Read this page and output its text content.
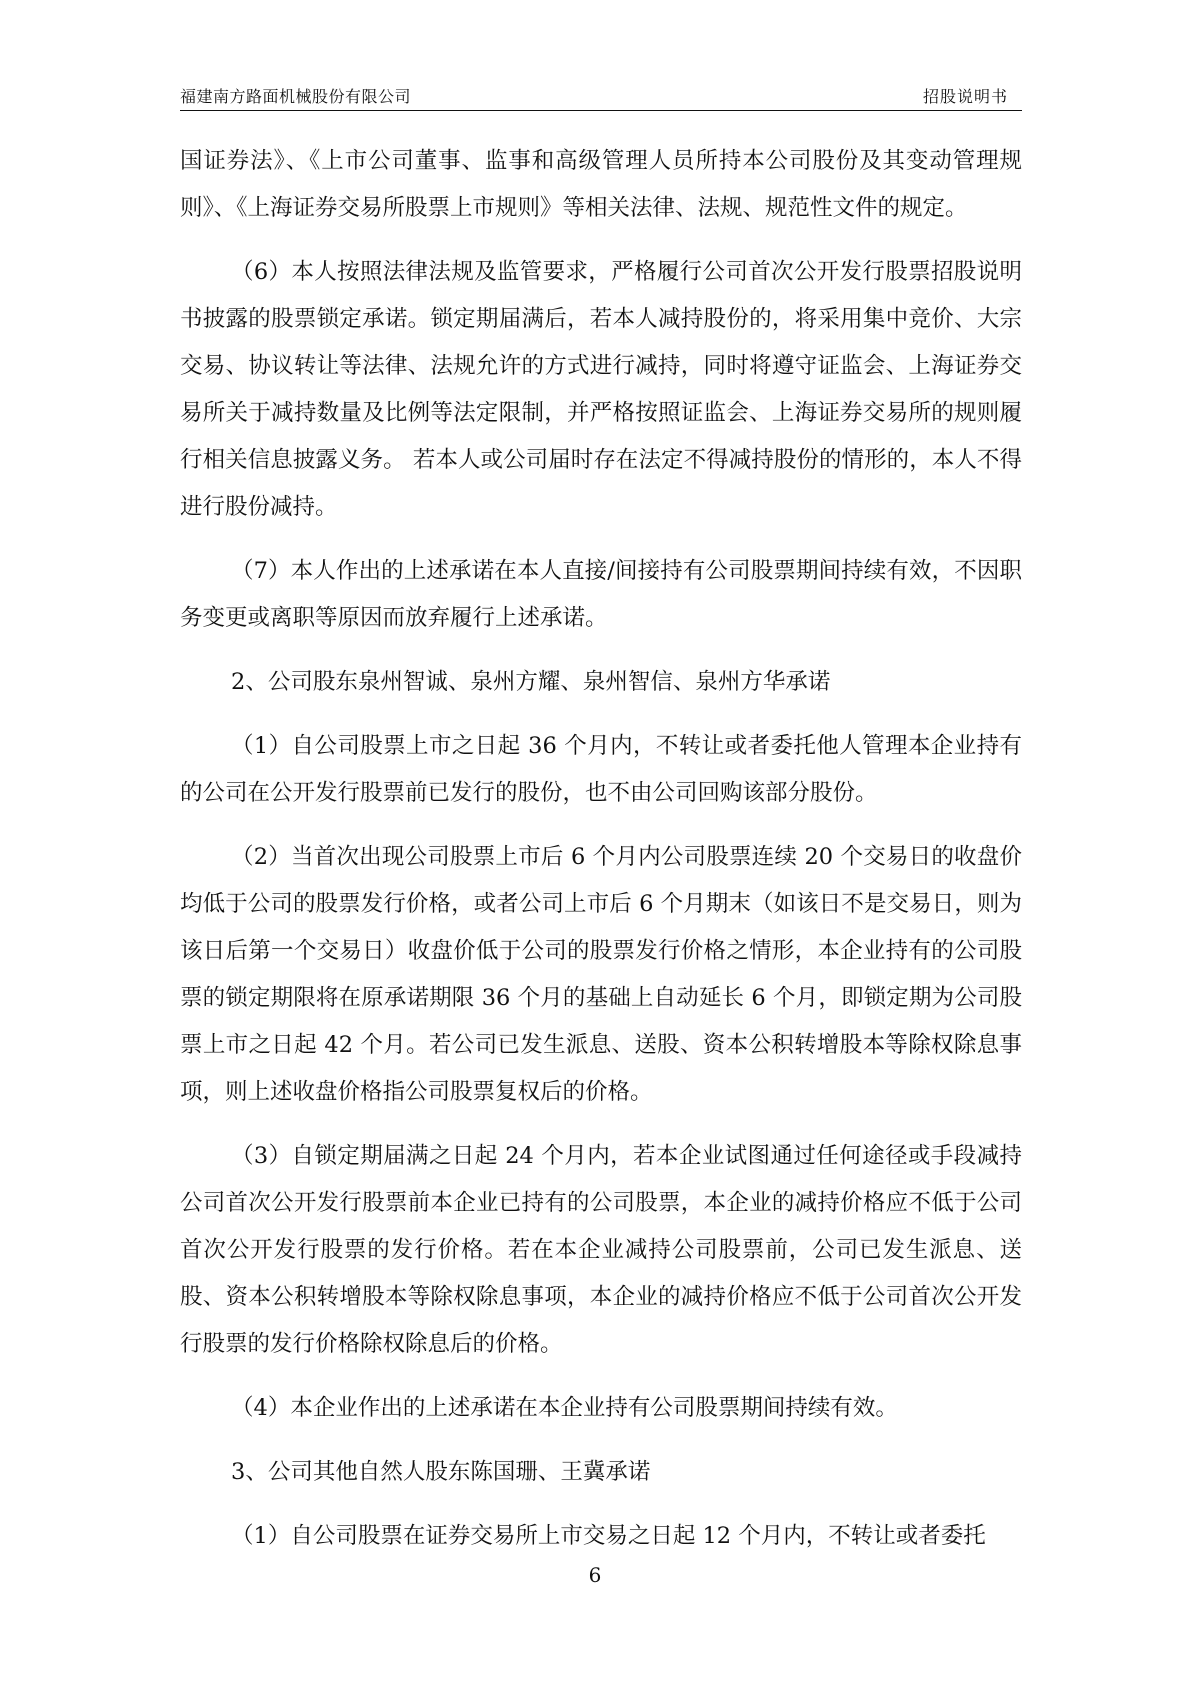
福建南方路面机械股份有限公司	招股说明书

国证券法》、《上市公司董事、监事和高级管理人员所持本公司股份及其变动管理规则》、《上海证券交易所股票上市规则》等相关法律、法规、规范性文件的规定。

（6）本人按照法律法规及监管要求，严格履行公司首次公开发行股票招股说明书披露的股票锁定承诺。锁定期届满后，若本人减持股份的，将采用集中竞价、大宗交易、协议转让等法律、法规允许的方式进行减持，同时将遵守证监会、上海证券交易所关于减持数量及比例等法定限制，并严格按照证监会、上海证券交易所的规则履行相关信息披露义务。 若本人或公司届时存在法定不得减持股份的情形的，本人不得进行股份减持。

（7）本人作出的上述承诺在本人直接/间接持有公司股票期间持续有效，不因职务变更或离职等原因而放弃履行上述承诺。

2、公司股东泉州智诚、泉州方耀、泉州智信、泉州方华承诺

（1）自公司股票上市之日起 36 个月内，不转让或者委托他人管理本企业持有的公司在公开发行股票前已发行的股份，也不由公司回购该部分股份。

（2）当首次出现公司股票上市后 6 个月内公司股票连续 20 个交易日的收盘价均低于公司的股票发行价格，或者公司上市后 6 个月期末（如该日不是交易日，则为该日后第一个交易日）收盘价低于公司的股票发行价格之情形，本企业持有的公司股票的锁定期限将在原承诺期限 36 个月的基础上自动延长 6 个月，即锁定期为公司股票上市之日起 42 个月。若公司已发生派息、送股、资本公积转增股本等除权除息事项，则上述收盘价格指公司股票复权后的价格。

（3）自锁定期届满之日起 24 个月内，若本企业试图通过任何途径或手段减持公司首次公开发行股票前本企业已持有的公司股票，本企业的减持价格应不低于公司首次公开发行股票的发行价格。若在本企业减持公司股票前，公司已发生派息、送股、资本公积转增股本等除权除息事项，本企业的减持价格应不低于公司首次公开发行股票的发行价格除权除息后的价格。

（4）本企业作出的上述承诺在本企业持有公司股票期间持续有效。

3、公司其他自然人股东陈国珊、王冀承诺

（1）自公司股票在证券交易所上市交易之日起 12 个月内，不转让或者委托

6
